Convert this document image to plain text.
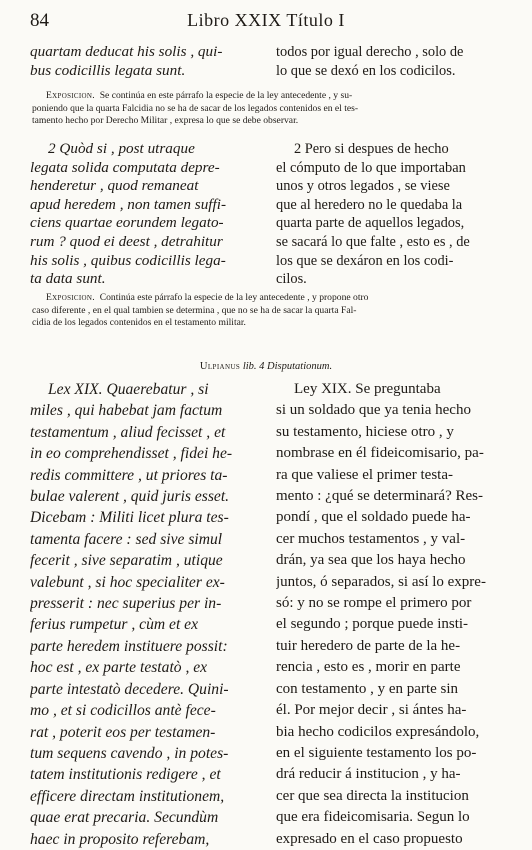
84	Libro XXIX Título I
quartam deducat his solis , qui-
bus codicillis legata sunt.
todos por igual derecho , solo de
lo que se dexó en los codicilos.
Exposicion. Se continúa en este párrafo la especie de la ley antecedente , y su-
poniendo que la quarta Falcidia no se ha de sacar de los legados contenidos en el tes-
tamento hecho por Derecho Militar , expresa lo que se debe observar.
2 Quòd si , post utraque
legata solida computata depre-
henderetur , quod remaneat
apud heredem , non tamen suffi-
ciens quartae eorundem legato-
rum ? quod ei deest , detrahitur
his solis , quibus codicillis lega-
ta data sunt.
2 Pero si despues de hecho
el cómputo de lo que importaban
unos y otros legados , se viese
que al heredero no le quedaba la
quarta parte de aquellos legados,
se sacará lo que falte , esto es , de
los que se dexáron en los codi-
cilos.
Exposicion. Continúa este párrafo la especie de la ley antecedente , y propone otro
caso diferente , en el qual tambien se determina , que no se ha de sacar la quarta Fal-
cidia de los legados contenidos en el testamento militar.
Ulpianus lib. 4 Disputationum.
Lex XIX. Quaerebatur , si
miles , qui habebat jam factum
testamentum , aliud fecisset , et
in eo comprehendisset , fidei he-
redis committere , ut priores ta-
bulae valerent , quid juris esset.
Dicebam : Militi licet plura tes-
tamenta facere : sed sive simul
fecerit , sive separatim , utique
valebunt , si hoc specialiter ex-
presserit : nec superius per in-
ferius rumpetur , cùm et ex
parte heredem instituere possit:
hoc est , ex parte testatò , ex
parte intestatò decedere. Quini-
mo , et si codicillos antè fece-
rat , poterit eos per testamen-
tum sequens cavendo , in potes-
tatem institutionis redigere , et
efficere directam institutionem,
quae erat precaria. Secundùm
haec in proposito referebam,
Ley XIX. Se preguntaba
si un soldado que ya tenia hecho
su testamento, hiciese otro , y
nombrase en él fideicomisario, pa-
ra que valiese el primer testa-
mento : ¿qué se determinará? Res-
pondí , que el soldado puede ha-
cer muchos testamentos , y val-
drán, ya sea que los haya hecho
juntos, ó separados, si así lo expre-
só: y no se rompe el primero por
el segundo ; porque puede insti-
tuir heredero de parte de la he-
rencia , esto es , morir en parte
con testamento , y en parte sin
él. Por mejor decir , si ántes ha-
bia hecho codicilos expresándolo,
en el siguiente testamento los po-
drá reducir á institucion , y ha-
cer que sea directa la institucion
que era fideicomisaria. Segun lo
expresado en el caso propuesto
